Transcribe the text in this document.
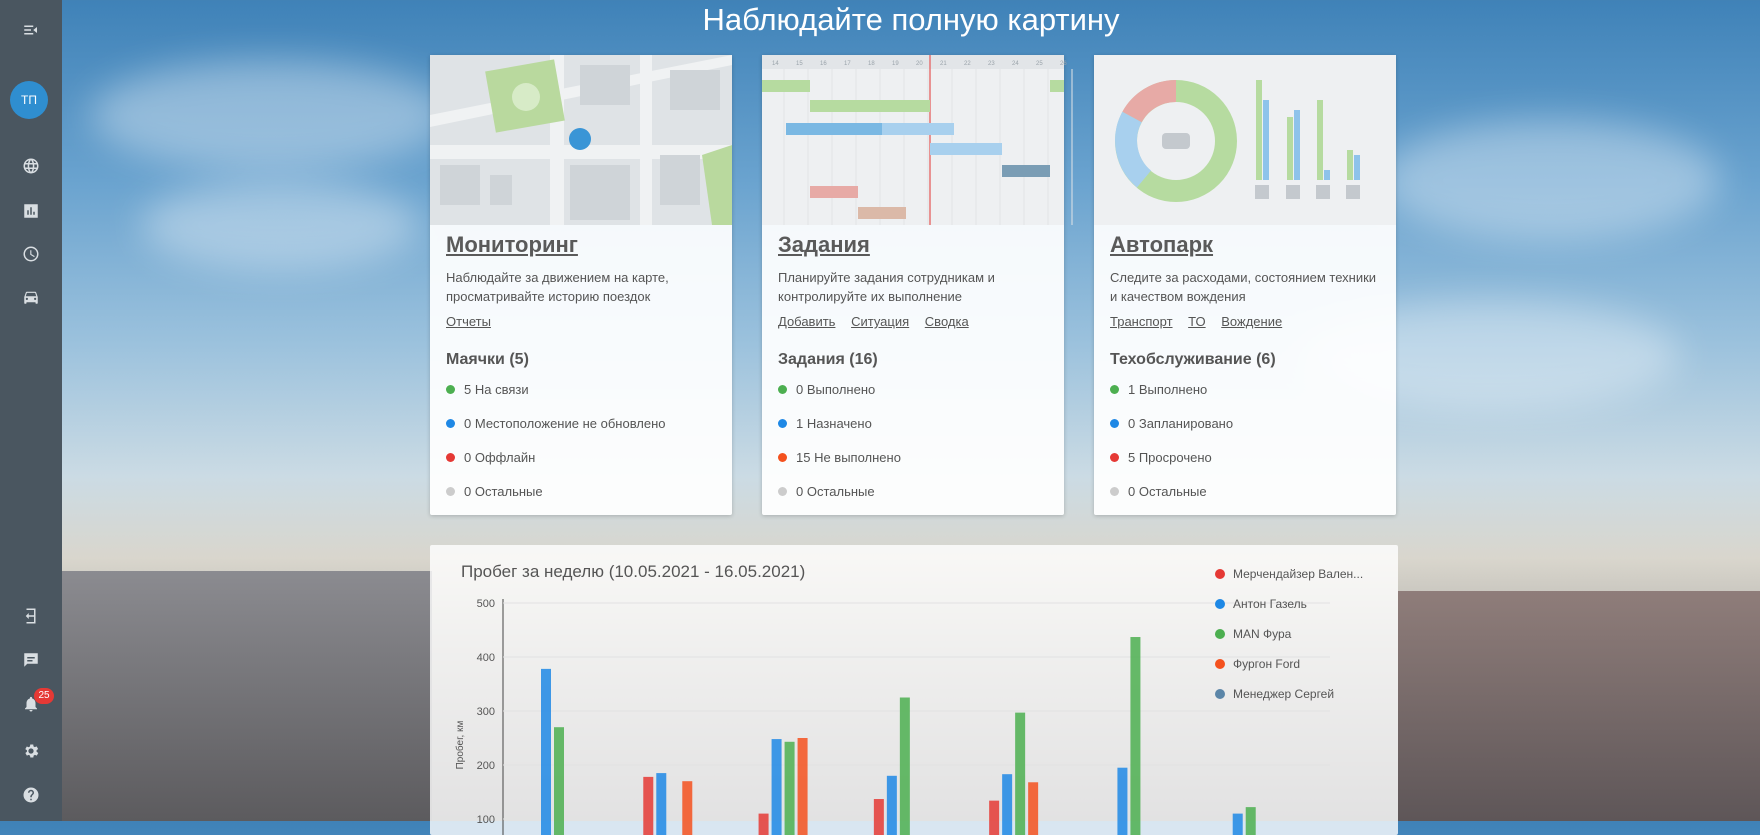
ТП
25
Наблюдайте полную картину
Мониторинг
Наблюдайте за движением на карте, просматривайте историю поездок
Отчеты
Маячки (5)
5 На связи
0 Местоположение не обновлено
0 Оффлайн
0 Остальные
14	15	16	17	18	19	20	21	22	23	24	25	26
Задания
Планируйте задания сотрудникам и контролируйте их выполнение
Добавить Ситуация Сводка
Задания (16)
0 Выполнено
1 Назначено
15 Не выполнено
0 Остальные
Автопарк
Следите за расходами, состоянием техники и качеством вождения
Транспорт ТО Вождение
Техобслуживание (6)
1 Выполнено
0 Запланировано
5 Просрочено
0 Остальные
500
400
300
200
100
Пробег, км
Пробег за неделю (10.05.2021 - 16.05.2021)	Мерчендайзер Вален...
Антон Газель
MAN Фура
Фургон Ford
Менеджер Сергей
